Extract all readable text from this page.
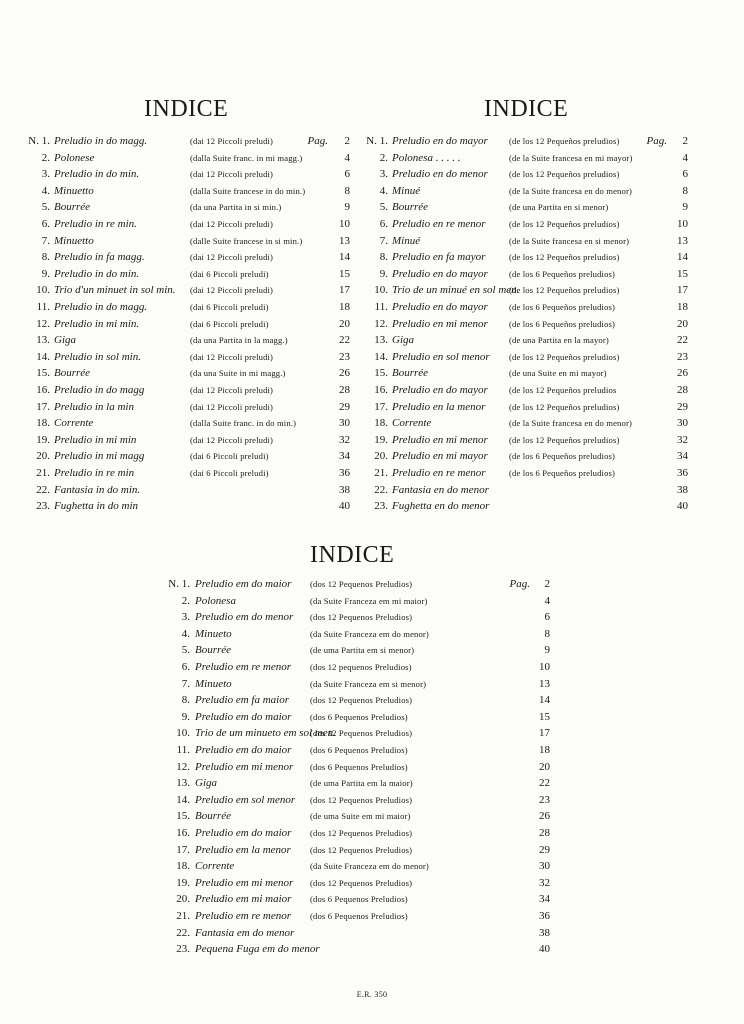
INDICE
N. 1. Preludio in do magg.	(dai 12 Piccoli preludi)	Pag. 2
2. Polonese	(dalla Suite franc. in mi magg.)	4
3. Preludio in do min.	(dai 12 Piccoli preludi)	6
4. Minuetto	(dalla Suite francese in do min.)	8
5. Bourrée	(da una Partita in si min.)	9
6. Preludio in re min.	(dai 12 Piccoli preludi)	10
7. Minuetto	(dalle Suite francese in si min.)	13
8. Preludio in fa magg.	(dai 12 Piccoli preludi)	14
9. Preludio in do min.	(dai 6 Piccoli preludi)	15
10. Trio d'un minuet in sol min. (dai 12 Piccoli preludi)	17
11. Preludio in do magg.	(dai 6 Piccoli preludi)	18
12. Preludio in mi min.	(dai 6 Piccoli preludi)	20
13. Giga	(da una Partita in la magg.)	22
14. Preludio in sol min.	(dai 12 Piccoli preludi)	23
15. Bourrée	(da una Suite in mi magg.)	26
16. Preludio in do magg	(dai 12 Piccoli preludi)	28
17. Preludio in la min	(dai 12 Piccoli preludi)	29
18. Corrente	(dalla Suite franc. in do min.)	30
19. Preludio in mi min	(dai 12 Piccoli preludi)	32
20. Preludio in mi magg	(dai 6 Piccoli preludi)	34
21. Preludio in re min	(dai 6 Piccoli preludi)	36
22. Fantasia in do min.	38
23. Fughetta in do min	40
INDICE
N. 1. Preludio en do mayor (de los 12 Pequeños preludios) Pag. 2
2. Polonesa . . . . .	(de la Suite francesa en mi mayor)	4
3. Preludio en do menor (de los 12 Pequeños preludios)	6
4. Minué	(de la Suite francesa en do menor)	8
5. Bourrée	(de una Partita en si menor)	9
6. Preludio en re menor	(de los 12 Pequeños preludios)	10
7. Minué	(de la Suite francesa en si menor)	13
8. Preludio en fa mayor	(de los 12 Pequeños preludios)	14
9. Preludio en do mayor (de los 6 Pequeños preludios)	15
10. Trio de un minué en sol men.
(de los 12 Pequeños preludios)	17
11. Preludio en do mayor (de los 6 Pequeños preludios)	18
12. Preludio en mi menor (de los 6 Pequeños preludios)	20
13. Giga	(de una Partita en la mayor)	22
14. Preludio en sol menor (de los 12 Pequeños preludios)	23
15. Bourrée	(de una Suite en mi mayor)	26
16. Preludio en do mayor (de los 12 Pequeños preludios	28
17. Preludio en la menor	(de los 12 Pequeños preludios)	29
18. Corrente	(de la Suite francesa en do menor)	30
19. Preludio en mi menor (de los 12 Pequeños preludios)	32
20. Preludio en mi mayor (de los 6 Pequeños preludios)	34
21. Preludio en re menor	(de los 6 Pequeños preludios)	36
22. Fantasia en do menor	38
23. Fughetta en do menor	40
INDICE
N. 1. Preludio em do maior (dos 12 Pequenos Preludios)	Pag. 2
2. Polonesa	(da Suite Franceza em mi maior)	4
3. Preludio em do menor (dos 12 Pequenos Preludios)	6
4. Minueto	(da Suite Franceza em do menor)	8
5. Bourrée	(de uma Partita em si menor)	9
6. Preludio em re menor (dos 12 pequenos Preludios)	10
7. Minueto	(da Suite Franceza em si menor)	13
8. Preludio em fa maior (dos 12 Pequenos Preludios)	14
9. Preludio em do maior (dos 6 Pequenos Preludios)	15
10. Trio de um minueto em sol men.
(dos 12 Pequenos Preludios)	17
11. Preludio em do maior (dos 6 Pequenos Preludios)	18
12. Preludio em mi menor (dos 6 Pequenos Preludios)	20
13. Giga	(de uma Partita em la maior)	22
14. Preludio em sol menor (dos 12 Pequenos Preludios)	23
15. Bourrée	(de uma Suite em mi maior)	26
16. Preludio em do maior (dos 12 Pequenos Preludios)	28
17. Preludio em la menor (dos 12 Pequenos Preludios)	29
18. Corrente	(da Suite Franceza em do menor)	30
19. Preludio em mi menor (dos 12 Pequenos Preludios)	32
20. Preludio em mi maior (dos 6 Pequenos Preludios)	34
21. Preludio em re menor (dos 6 Pequenos Preludios)	36
22. Fantasia em do menor	38
23. Pequena Fuga em do menor	40
E.R. 350
